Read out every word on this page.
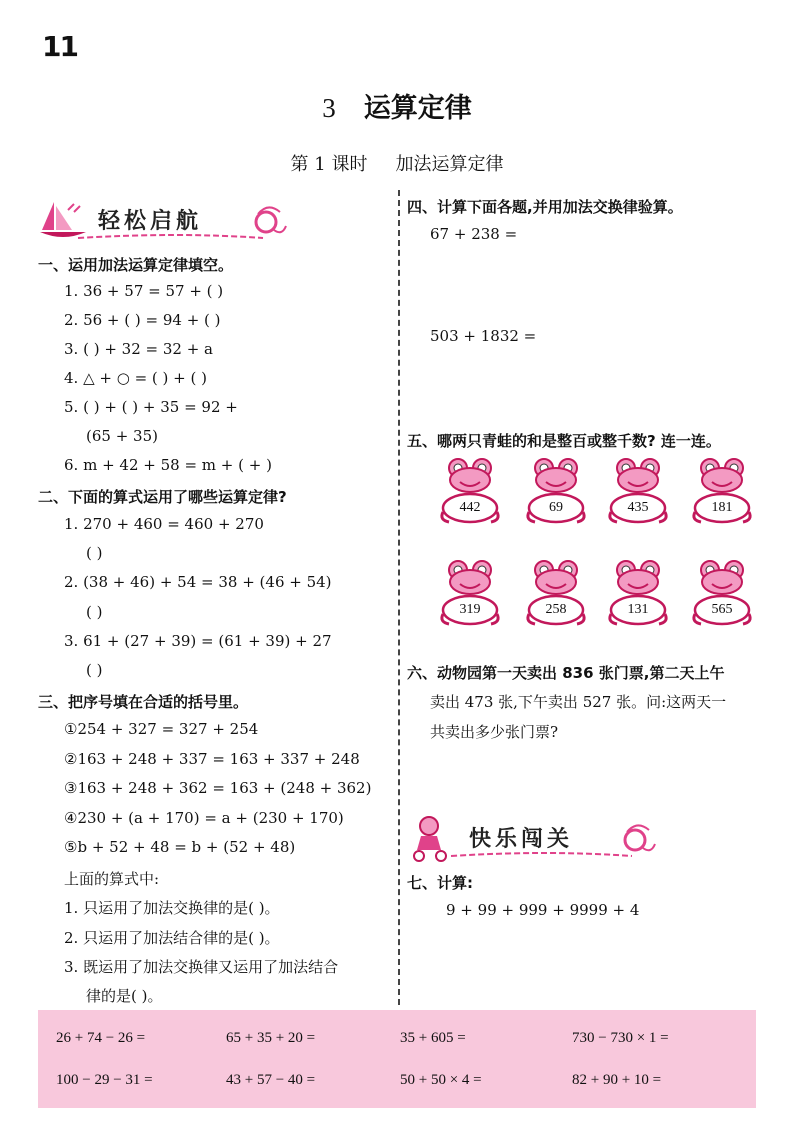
11
3 运算定律
第 1 课时 加法运算定律
轻松启航
一、运用加法运算定律填空。
1. 36 + 57 = 57 + ( )
2. 56 + ( ) = 94 + ( )
3. ( ) + 32 = 32 + a
4. △ + ○ = ( ) + ( )
5. ( ) + ( ) + 35 = 92 +
(65 + 35)
6. m + 42 + 58 = m + ( + )
二、下面的算式运用了哪些运算定律?
1. 270 + 460 = 460 + 270
( )
2. (38 + 46) + 54 = 38 + (46 + 54)
( )
3. 61 + (27 + 39) = (61 + 39) + 27
( )
三、把序号填在合适的括号里。
①254 + 327 = 327 + 254
②163 + 248 + 337 = 163 + 337 + 248
③163 + 248 + 362 = 163 + (248 + 362)
④230 + (a + 170) = a + (230 + 170)
⑤b + 52 + 48 = b + (52 + 48)
上面的算式中:
1. 只运用了加法交换律的是( )。
2. 只运用了加法结合律的是( )。
3. 既运用了加法交换律又运用了加法结合
律的是( )。
四、计算下面各题,并用加法交换律验算。
67 + 238 =
503 + 1832 =
五、哪两只青蛙的和是整百或整千数? 连一连。
442	69	435	181
319	258	131	565
六、动物园第一天卖出 836 张门票,第二天上午
卖出 473 张,下午卖出 527 张。问:这两天一
共卖出多少张门票?
快乐闯关
七、计算:
9 + 99 + 999 + 9999 + 4
26 + 74 − 26 =	65 + 35 + 20 =	35 + 605 =	730 − 730 × 1 =
100 − 29 − 31 =	43 + 57 − 40 =	50 + 50 × 4 =	82 + 90 + 10 =
